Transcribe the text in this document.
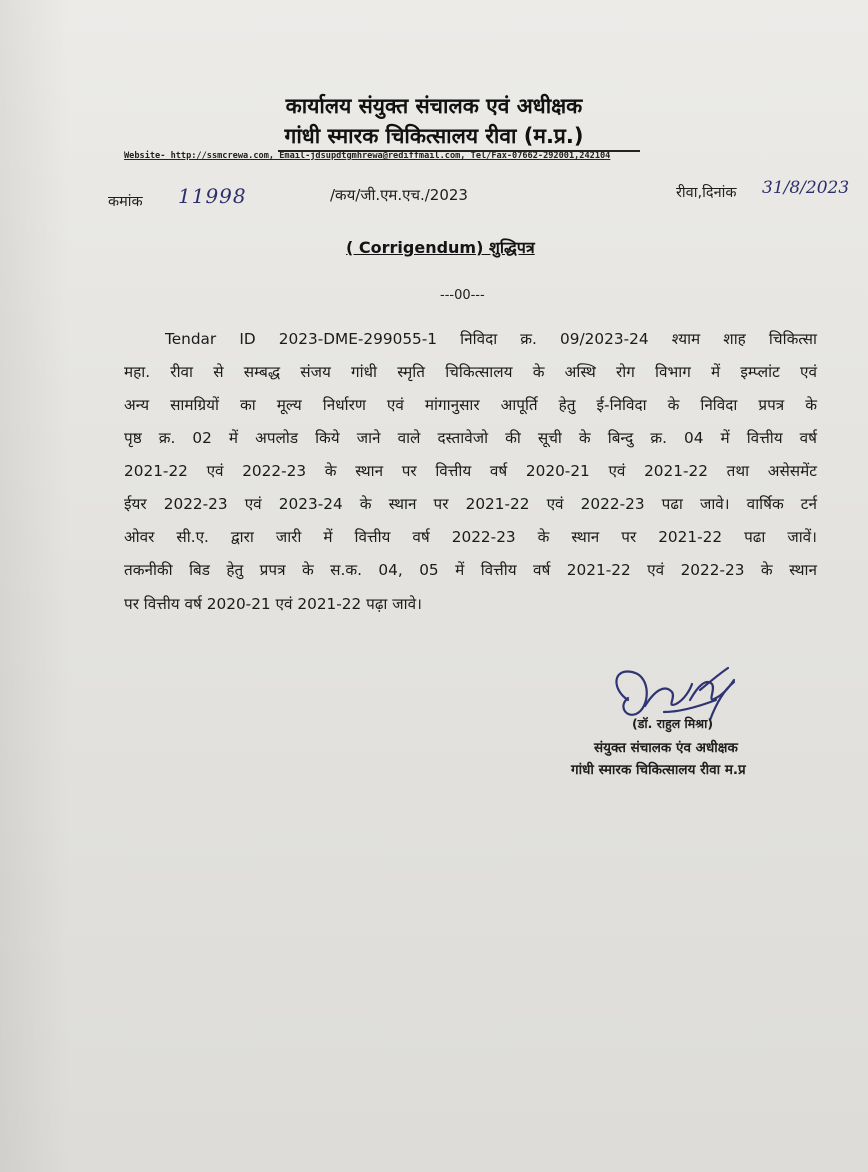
कार्यालय संयुक्त संचालक एवं अधीक्षक
गांधी स्मारक चिकित्सालय रीवा (म.प्र.)
Website- http://ssmcrewa.com, Email-jdsupdtgmhrewa@rediffmail.com, Tel/Fax-07662-292001,242104
कमांक 11998	/कय/जी.एम.एच./2023	रीवा,दिनांक 31/8/2023
( Corrigendum) शुद्धिपत्र
---00---
Tendar ID 2023-DME-299055-1 निविदा क्र. 09/2023-24 श्याम शाह चिकित्सा
महा. रीवा से सम्बद्ध संजय गांधी स्मृति चिकित्सालय के अस्थि रोग विभाग में इम्प्लांट एवं
अन्य सामग्रियों का मूल्य निर्धारण एवं मांगानुसार आपूर्ति हेतु ई-निविदा के निविदा प्रपत्र के
पृष्ठ क्र. 02 में अपलोड किये जाने वाले दस्तावेजो की सूची के बिन्दु क्र. 04 में वित्तीय वर्ष
2021-22 एवं 2022-23 के स्थान पर वित्तीय वर्ष 2020-21 एवं 2021-22 तथा असेसमेंट
ईयर 2022-23 एवं 2023-24 के स्थान पर 2021-22 एवं 2022-23 पढा जावे। वार्षिक टर्न
ओवर सी.ए. द्वारा जारी में वित्तीय वर्ष 2022-23 के स्थान पर 2021-22 पढा जावें।
तकनीकी बिड हेतु प्रपत्र के स.क. 04, 05 में वित्तीय वर्ष 2021-22 एवं 2022-23 के स्थान
पर वित्तीय वर्ष 2020-21 एवं 2021-22 पढ़ा जावे।
(डॉ. राहुल मिश्रा)
संयुक्त संचालक एंव अधीक्षक
गांधी स्मारक चिकित्सालय रीवा म.प्र
